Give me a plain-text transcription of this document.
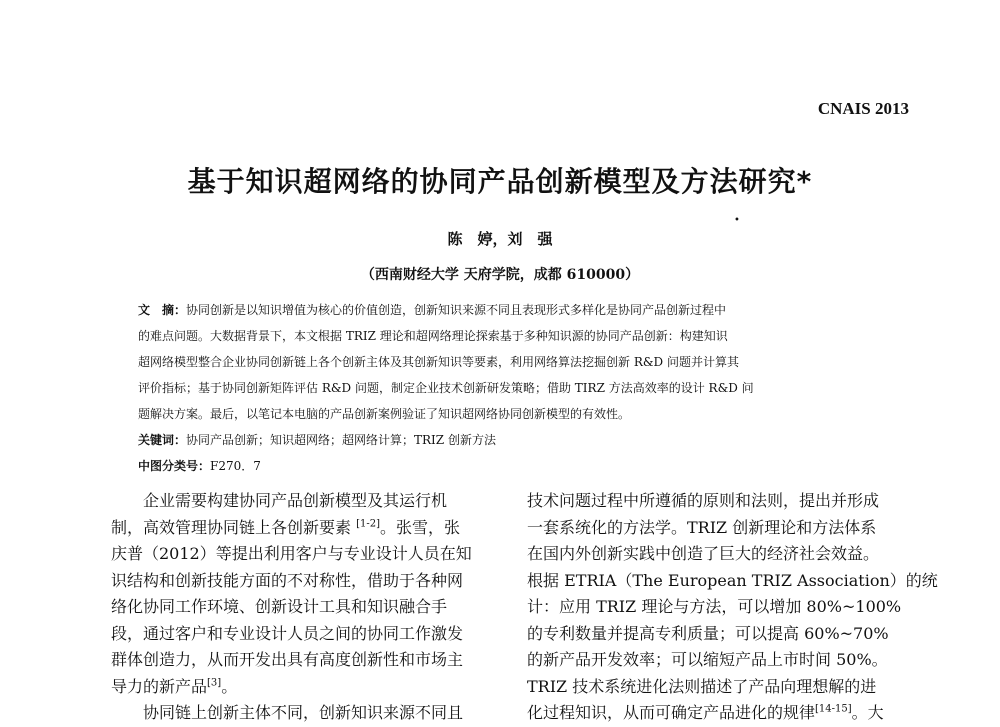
CNAIS 2013
基于知识超网络的协同产品创新模型及方法研究*
•
陈　婷，刘　强
（西南财经大学 天府学院，成都 610000）
文　摘：协同创新是以知识增值为核心的价值创造，创新知识来源不同且表现形式多样化是协同产品创新过程中
的难点问题。大数据背景下，本文根据 TRIZ 理论和超网络理论探索基于多种知识源的协同产品创新：构建知识
超网络模型整合企业协同创新链上各个创新主体及其创新知识等要素，利用网络算法挖掘创新 R&D 问题并计算其
评价指标；基于协同创新矩阵评估 R&D 问题，制定企业技术创新研发策略；借助 TIRZ 方法高效率的设计 R&D 问
题解决方案。最后，以笔记本电脑的产品创新案例验证了知识超网络协同创新模型的有效性。
关键词：协同产品创新；知识超网络；超网络计算；TRIZ 创新方法
中图分类号：F270．7
　　企业需要构建协同产品创新模型及其运行机
制，高效管理协同链上各创新要素 [1-2]。张雪，张
庆普（2012）等提出利用客户与专业设计人员在知
识结构和创新技能方面的不对称性，借助于各种网
络化协同工作环境、创新设计工具和知识融合手
段，通过客户和专业设计人员之间的协同工作激发
群体创造力，从而开发出具有高度创新性和市场主
导力的新产品[3]。
　　协同链上创新主体不同，创新知识来源不同且
技术问题过程中所遵循的原则和法则，提出并形成
一套系统化的方法学。TRIZ 创新理论和方法体系
在国内外创新实践中创造了巨大的经济社会效益。
根据 ETRIA（The European TRIZ Association）的统
计：应用 TRIZ 理论与方法，可以增加 80%~100%
的专利数量并提高专利质量；可以提高 60%~70%
的新产品开发效率；可以缩短产品上市时间 50%。
TRIZ 技术系统进化法则描述了产品向理想解的进
化过程知识，从而可确定产品进化的规律[14-15]。大
